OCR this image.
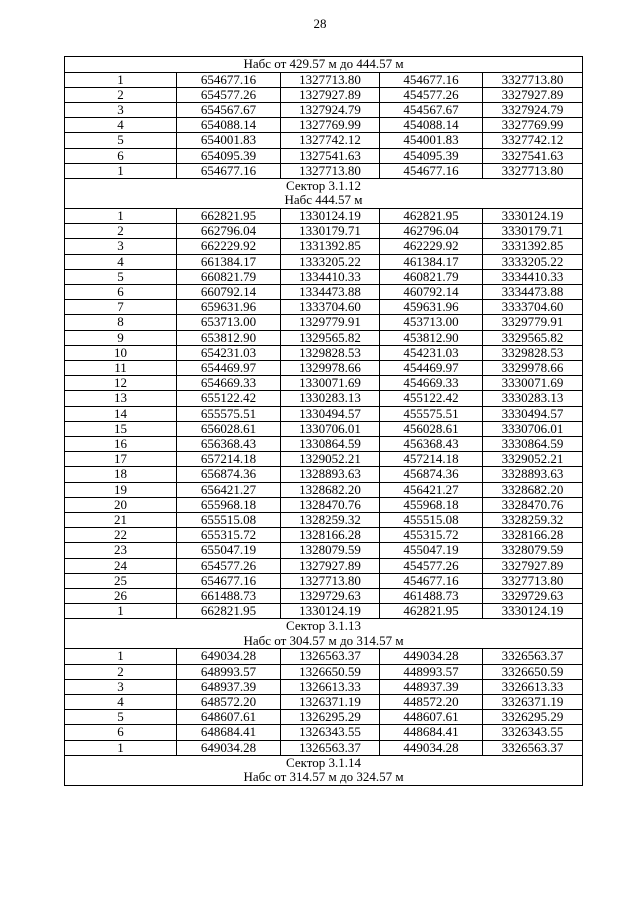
28
Набс от 429.57 м до 444.57 м				

1	654677.16	1327713.80	454677.16	3327713.80
2	654577.26	1327927.89	454577.26	3327927.89
3	654567.67	1327924.79	454567.67	3327924.79
4	654088.14	1327769.99	454088.14	3327769.99
5	654001.83	1327742.12	454001.83	3327742.12
6	654095.39	1327541.63	454095.39	3327541.63
1	654677.16	1327713.80	454677.16	3327713.80

Сектор 3.1.12
Набс 444.57 м				

1	662821.95	1330124.19	462821.95	3330124.19
2	662796.04	1330179.71	462796.04	3330179.71
3	662229.92	1331392.85	462229.92	3331392.85
4	661384.17	1333205.22	461384.17	3333205.22
5	660821.79	1334410.33	460821.79	3334410.33
6	660792.14	1334473.88	460792.14	3334473.88
7	659631.96	1333704.60	459631.96	3333704.60
8	653713.00	1329779.91	453713.00	3329779.91
9	653812.90	1329565.82	453812.90	3329565.82
10	654231.03	1329828.53	454231.03	3329828.53
11	654469.97	1329978.66	454469.97	3329978.66
12	654669.33	1330071.69	454669.33	3330071.69
13	655122.42	1330283.13	455122.42	3330283.13
14	655575.51	1330494.57	455575.51	3330494.57
15	656028.61	1330706.01	456028.61	3330706.01
16	656368.43	1330864.59	456368.43	3330864.59
17	657214.18	1329052.21	457214.18	3329052.21
18	656874.36	1328893.63	456874.36	3328893.63
19	656421.27	1328682.20	456421.27	3328682.20
20	655968.18	1328470.76	455968.18	3328470.76
21	655515.08	1328259.32	455515.08	3328259.32
22	655315.72	1328166.28	455315.72	3328166.28
23	655047.19	1328079.59	455047.19	3328079.59
24	654577.26	1327927.89	454577.26	3327927.89
25	654677.16	1327713.80	454677.16	3327713.80
26	661488.73	1329729.63	461488.73	3329729.63
1	662821.95	1330124.19	462821.95	3330124.19

Сектор 3.1.13
Набс от 304.57 м до 314.57 м				

1	649034.28	1326563.37	449034.28	3326563.37
2	648993.57	1326650.59	448993.57	3326650.59
3	648937.39	1326613.33	448937.39	3326613.33
4	648572.20	1326371.19	448572.20	3326371.19
5	648607.61	1326295.29	448607.61	3326295.29
6	648684.41	1326343.55	448684.41	3326343.55
1	649034.28	1326563.37	449034.28	3326563.37

Сектор 3.1.14
Набс от 314.57 м до 324.57 м				
